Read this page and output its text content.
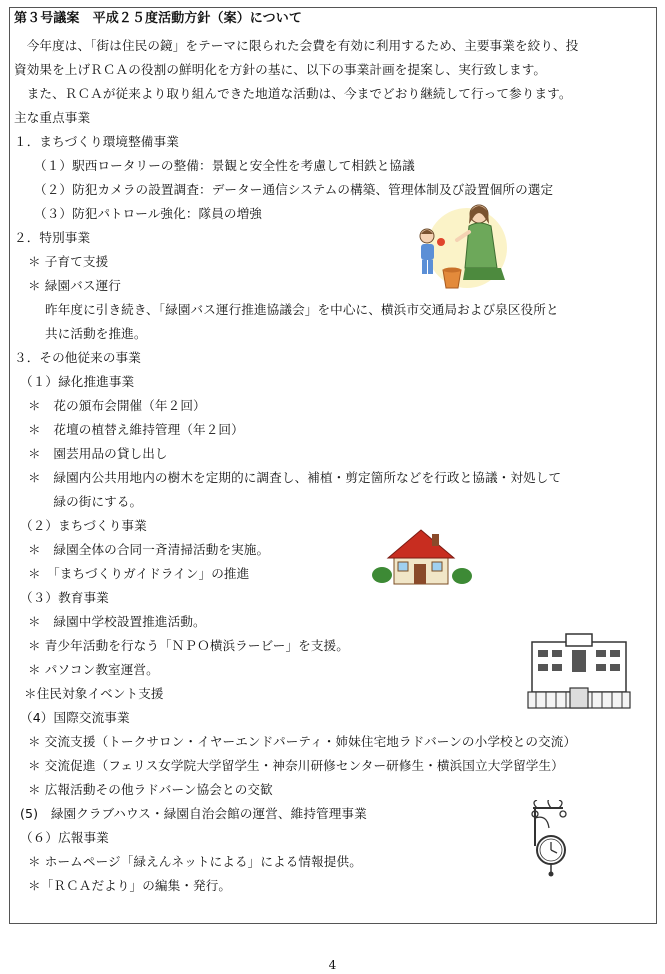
第３号議案　平成２５度活動方針（案）について
　今年度は、「街は住民の鏡」をテーマに限られた会費を有効に利用するため、主要事業を絞り、投
資効果を上げＲＣＡの役割の鮮明化を方針の基に、以下の事業計画を提案し、実行致します。
　また、ＲＣＡが従来より取り組んできた地道な活動は、今までどおり継続して行って参ります。
主な重点事業
１．まちづくり環境整備事業
（１）駅西ロータリーの整備：景観と安全性を考慮して相鉄と協議
（２）防犯カメラの設置調査：データー通信システムの構築、管理体制及び設置個所の選定
（３）防犯パトロール強化：隊員の増強
２．特別事業
＊ 子育て支援
＊ 緑園バス運行
昨年度に引き続き、「緑園バス運行推進協議会」を中心に、横浜市交通局および泉区役所と
共に活動を推進。
３．その他従来の事業
（１）緑化推進事業
＊　花の頒布会開催（年２回）
＊　花壇の植替え維持管理（年２回）
＊　園芸用品の貸し出し
＊　緑園内公共用地内の樹木を定期的に調査し、補植・剪定箇所などを行政と協議・対処して
　　緑の街にする。
（２）まちづくり事業
＊　緑園全体の合同一斉清掃活動を実施。
＊　「まちづくりガイドライン」の推進
（３）教育事業
＊　緑園中学校設置推進活動。
＊ 青少年活動を行なう「ＮＰＯ横浜ラービー」を支援。
＊ パソコン教室運営。
＊住民対象イベント支援
（4）国際交流事業
＊ 交流支援（トークサロン・イヤーエンドパーティ・姉妹住宅地ラドバーンの小学校との交流）
＊ 交流促進（フェリス女学院大学留学生・神奈川研修センター研修生・横浜国立大学留学生）
＊ 広報活動その他ラドバーン協会との交歓
(5)　緑園クラブハウス・緑園自治会館の運営、維持管理事業
（６）広報事業
＊ ホームページ「緑えんネットによる」による情報提供。
＊「ＲＣＡだより」の編集・発行。
4
